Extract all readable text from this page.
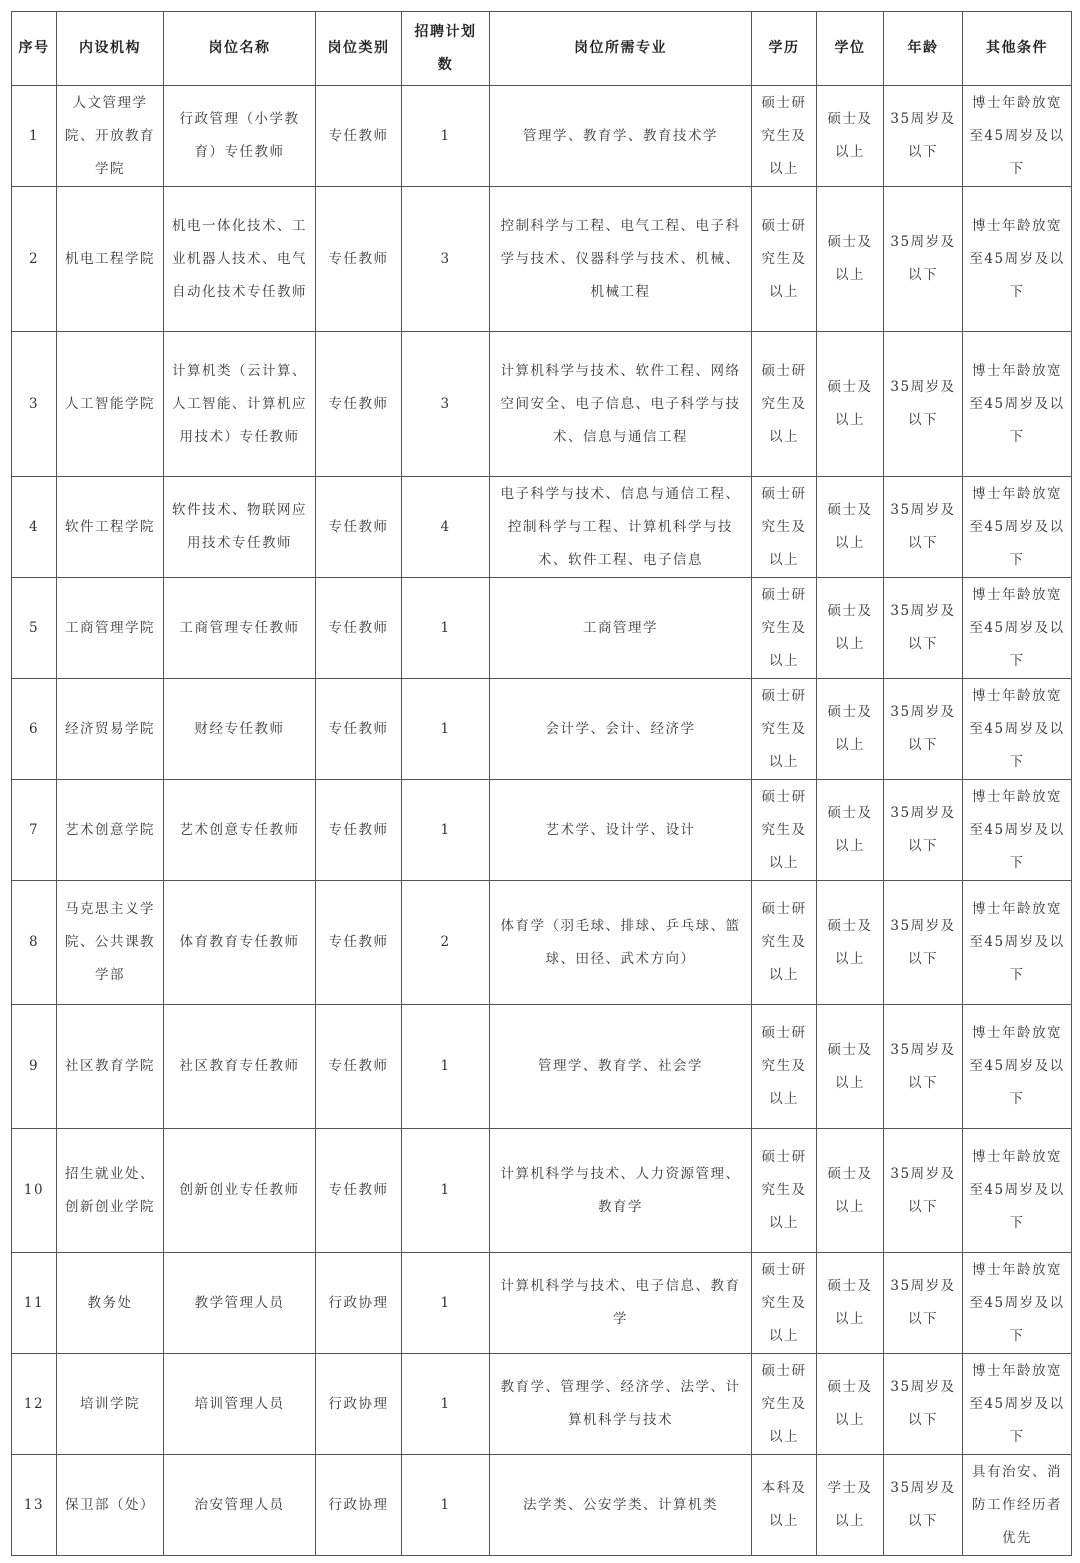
序号	内设机构	岗位名称	岗位类别	招聘计划数	岗位所需专业	学历	学位	年龄	其他条件
1	人文管理学院、开放教育学院	行政管理（小学教育）专任教师	专任教师	1	管理学、教育学、教育技术学	硕士研究生及以上	硕士及以上	35周岁及以下	博士年龄放宽至45周岁及以下
2	机电工程学院	机电一体化技术、工业机器人技术、电气自动化技术专任教师	专任教师	3	控制科学与工程、电气工程、电子科学与技术、仪器科学与技术、机械、机械工程	硕士研究生及以上	硕士及以上	35周岁及以下	博士年龄放宽至45周岁及以下
3	人工智能学院	计算机类（云计算、人工智能、计算机应用技术）专任教师	专任教师	3	计算机科学与技术、软件工程、网络空间安全、电子信息、电子科学与技术、信息与通信工程	硕士研究生及以上	硕士及以上	35周岁及以下	博士年龄放宽至45周岁及以下
4	软件工程学院	软件技术、物联网应用技术专任教师	专任教师	4	电子科学与技术、信息与通信工程、控制科学与工程、计算机科学与技术、软件工程、电子信息	硕士研究生及以上	硕士及以上	35周岁及以下	博士年龄放宽至45周岁及以下
5	工商管理学院	工商管理专任教师	专任教师	1	工商管理学	硕士研究生及以上	硕士及以上	35周岁及以下	博士年龄放宽至45周岁及以下
6	经济贸易学院	财经专任教师	专任教师	1	会计学、会计、经济学	硕士研究生及以上	硕士及以上	35周岁及以下	博士年龄放宽至45周岁及以下
7	艺术创意学院	艺术创意专任教师	专任教师	1	艺术学、设计学、设计	硕士研究生及以上	硕士及以上	35周岁及以下	博士年龄放宽至45周岁及以下
8	马克思主义学院、公共课教学部	体育教育专任教师	专任教师	2	体育学（羽毛球、排球、乒乓球、篮球、田径、武术方向）	硕士研究生及以上	硕士及以上	35周岁及以下	博士年龄放宽至45周岁及以下
9	社区教育学院	社区教育专任教师	专任教师	1	管理学、教育学、社会学	硕士研究生及以上	硕士及以上	35周岁及以下	博士年龄放宽至45周岁及以下
10	招生就业处、创新创业学院	创新创业专任教师	专任教师	1	计算机科学与技术、人力资源管理、教育学	硕士研究生及以上	硕士及以上	35周岁及以下	博士年龄放宽至45周岁及以下
11	教务处	教学管理人员	行政协理	1	计算机科学与技术、电子信息、教育学	硕士研究生及以上	硕士及以上	35周岁及以下	博士年龄放宽至45周岁及以下
12	培训学院	培训管理人员	行政协理	1	教育学、管理学、经济学、法学、计算机科学与技术	硕士研究生及以上	硕士及以上	35周岁及以下	博士年龄放宽至45周岁及以下
13	保卫部（处）	治安管理人员	行政协理	1	法学类、公安学类、计算机类	本科及以上	学士及以上	35周岁及以下	具有治安、消防工作经历者优先
